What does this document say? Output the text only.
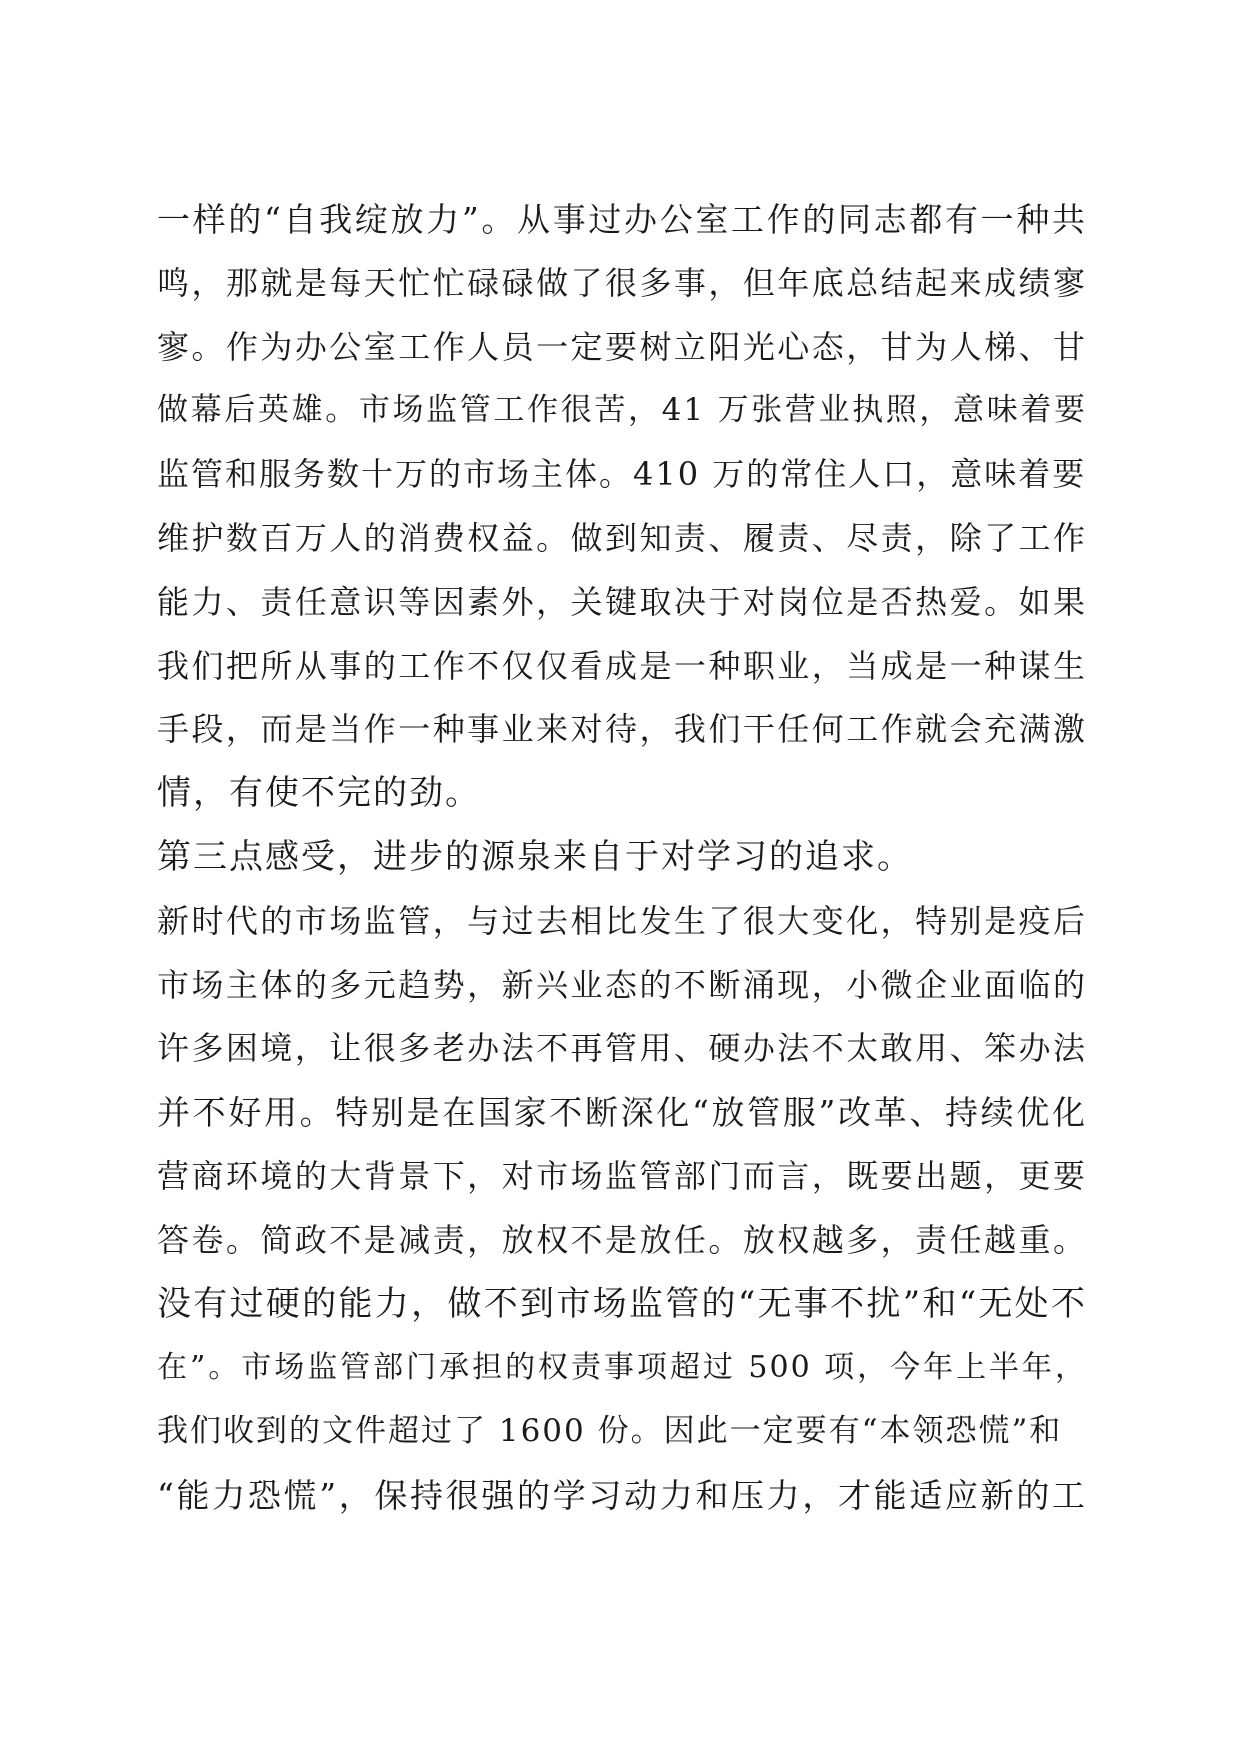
一样的“自我绽放力”。从事过办公室工作的同志都有一种共
鸣，那就是每天忙忙碌碌做了很多事，但年底总结起来成绩寥
寥。作为办公室工作人员一定要树立阳光心态，甘为人梯、甘
做幕后英雄。市场监管工作很苦，41 万张营业执照，意味着要
监管和服务数十万的市场主体。410 万的常住人口，意味着要
维护数百万人的消费权益。做到知责、履责、尽责，除了工作
能力、责任意识等因素外，关键取决于对岗位是否热爱。如果
我们把所从事的工作不仅仅看成是一种职业，当成是一种谋生
手段，而是当作一种事业来对待，我们干任何工作就会充满激
情，有使不完的劲。
第三点感受，进步的源泉来自于对学习的追求。
新时代的市场监管，与过去相比发生了很大变化，特别是疫后
市场主体的多元趋势，新兴业态的不断涌现，小微企业面临的
许多困境，让很多老办法不再管用、硬办法不太敢用、笨办法
并不好用。特别是在国家不断深化“放管服”改革、持续优化
营商环境的大背景下，对市场监管部门而言，既要出题，更要
答卷。简政不是减责，放权不是放任。放权越多，责任越重。
没有过硬的能力，做不到市场监管的“无事不扰”和“无处不
在”。市场监管部门承担的权责事项超过 500 项，今年上半年，
我们收到的文件超过了 1600 份。因此一定要有“本领恐慌”和
“能力恐慌”，保持很强的学习动力和压力，才能适应新的工
